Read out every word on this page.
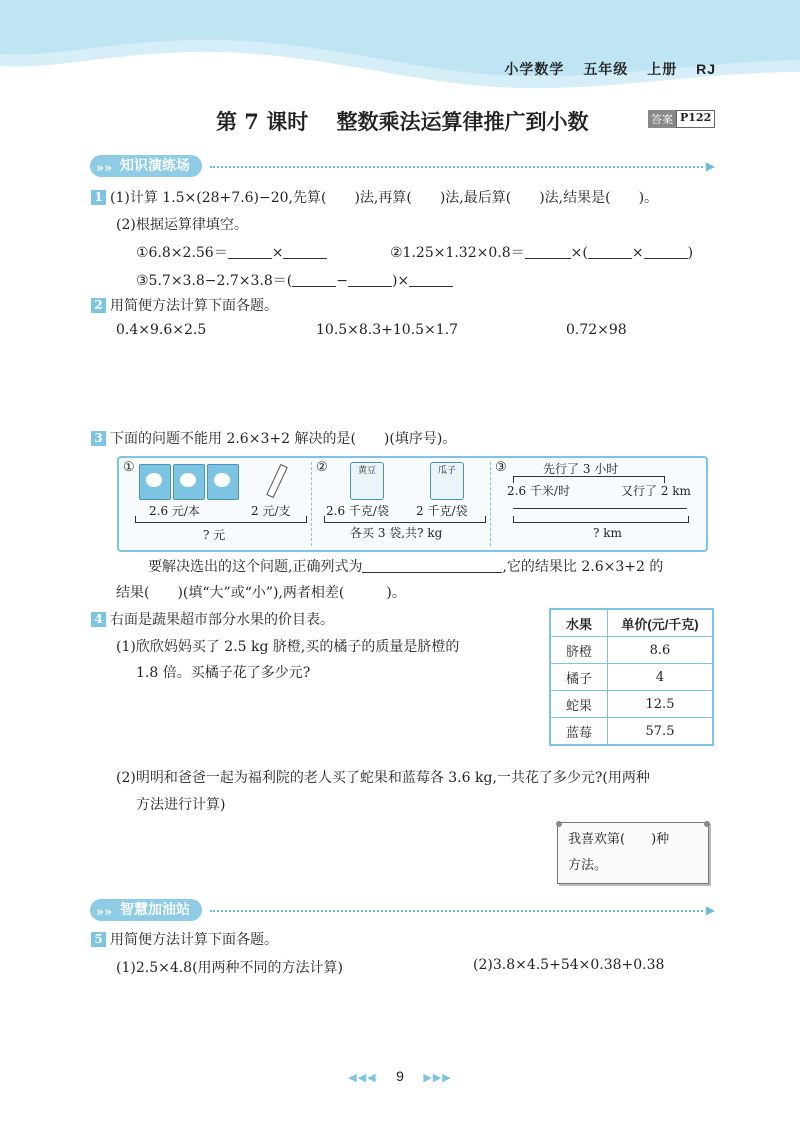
小学数学 五年级 上册 RJ
第 7 课时　 整数乘法运算律推广到小数	答案 P122
»» 知识演练场	▶
1 (1)计算 1.5×(28+7.6)−20,先算(　　)法,再算(　　)法,最后算(　　)法,结果是(　　)。
(2)根据运算律填空。
①6.8×2.56＝	×	②1.25×1.32×0.8＝	×(	×	)
③5.7×3.8−2.7×3.8＝(	−	)×
2 用简便方法计算下面各题。
0.4×9.6×2.5	10.5×8.3+10.5×1.7	0.72×98
3 下面的问题不能用 2.6×3+2 解决的是(　　)(填序号)。
①
2.6 元/本	2 元/支
? 元
②	黄豆	瓜子
2.6 千克/袋 2 千克/袋
各买 3 袋,共? kg
③	先行了 3 小时
2.6 千米/时	又行了 2 km
? km
要解决选出的这个问题,正确列式为	,它的结果比 2.6×3+2 的
结果(　　)(填“大”或“小”),两者相差(　　　)。
4 右面是蔬果超市部分水果的价目表。
(1)欣欣妈妈买了 2.5 kg 脐橙,买的橘子的质量是脐橙的
1.8 倍。买橘子花了多少元?
水果	单价(元/千克)
脐橙	8.6
橘子	4
蛇果	12.5
蓝莓	57.5
(2)明明和爸爸一起为福利院的老人买了蛇果和蓝莓各 3.6 kg,一共花了多少元?(用两种
方法进行计算)
我喜欢第(　　)种
方法。
»» 智慧加油站	▶
5 用简便方法计算下面各题。
(1)2.5×4.8(用两种不同的方法计算)	(2)3.8×4.5+54×0.38+0.38
◀◀◀ 9 ▶▶▶
